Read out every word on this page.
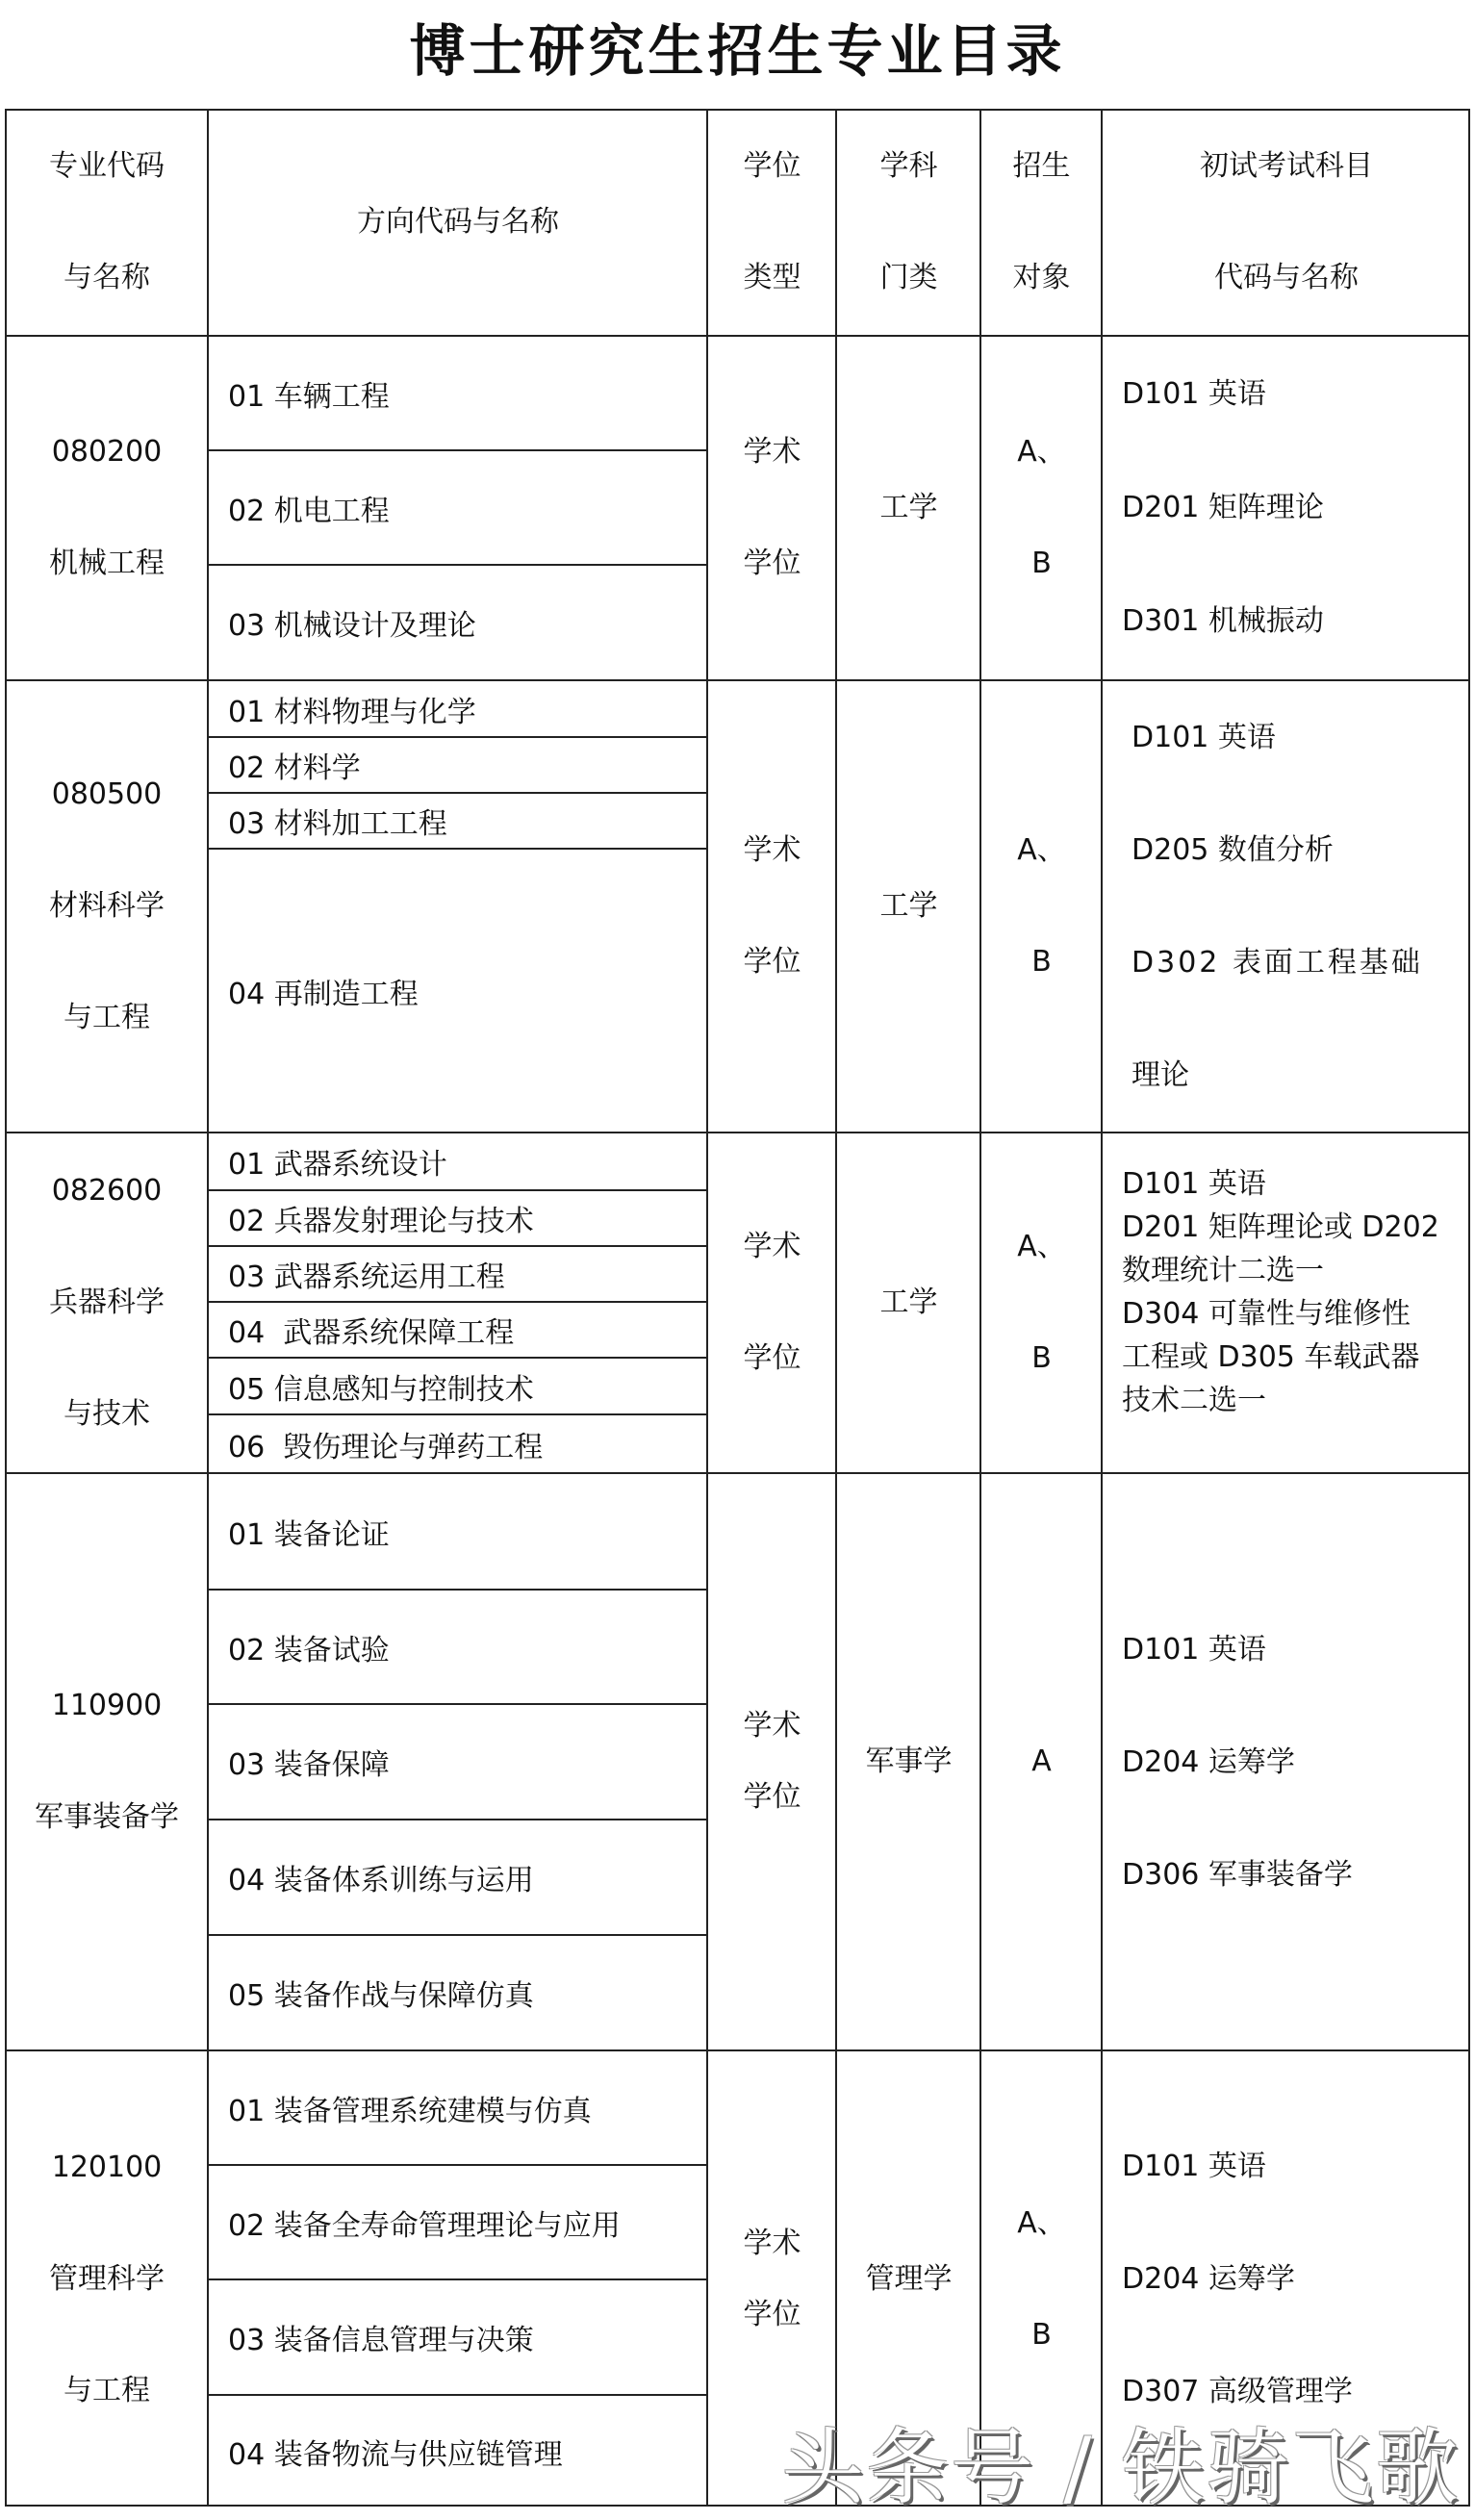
博士研究生招生专业目录
专业代码
与名称
方向代码与名称
学位
类型
学科
门类
招生
对象
初试考试科目
代码与名称
080200
机械工程
01 车辆工程
02 机电工程
03 机械设计及理论
学术
学位
工学
A、
B
D101 英语
D201 矩阵理论
D301 机械振动
080500
材料科学
与工程
01 材料物理与化学
02 材料学
03 材料加工工程
04 再制造工程
学术
学位
工学
A、
B
D101 英语
D205 数值分析
D302 表面工程基础
理论
082600
兵器科学
与技术
01 武器系统设计
02 兵器发射理论与技术
03 武器系统运用工程
04  武器系统保障工程
05 信息感知与控制技术
06  毁伤理论与弹药工程
学术
学位
工学
A、
B
D101 英语
D201 矩阵理论或 D202
数理统计二选一
D304 可靠性与维修性
工程或 D305 车载武器
技术二选一
110900
军事装备学
01 装备论证
02 装备试验
03 装备保障
04 装备体系训练与运用
05 装备作战与保障仿真
学术
学位
军事学	A
D101 英语
D204 运筹学
D306 军事装备学
120100
管理科学
与工程
01 装备管理系统建模与仿真
02 装备全寿命管理理论与应用
03 装备信息管理与决策
04 装备物流与供应链管理
学术
学位
管理学
A、
B
D101 英语
D204 运筹学
D307 高级管理学
头条号 / 铁骑飞歌
